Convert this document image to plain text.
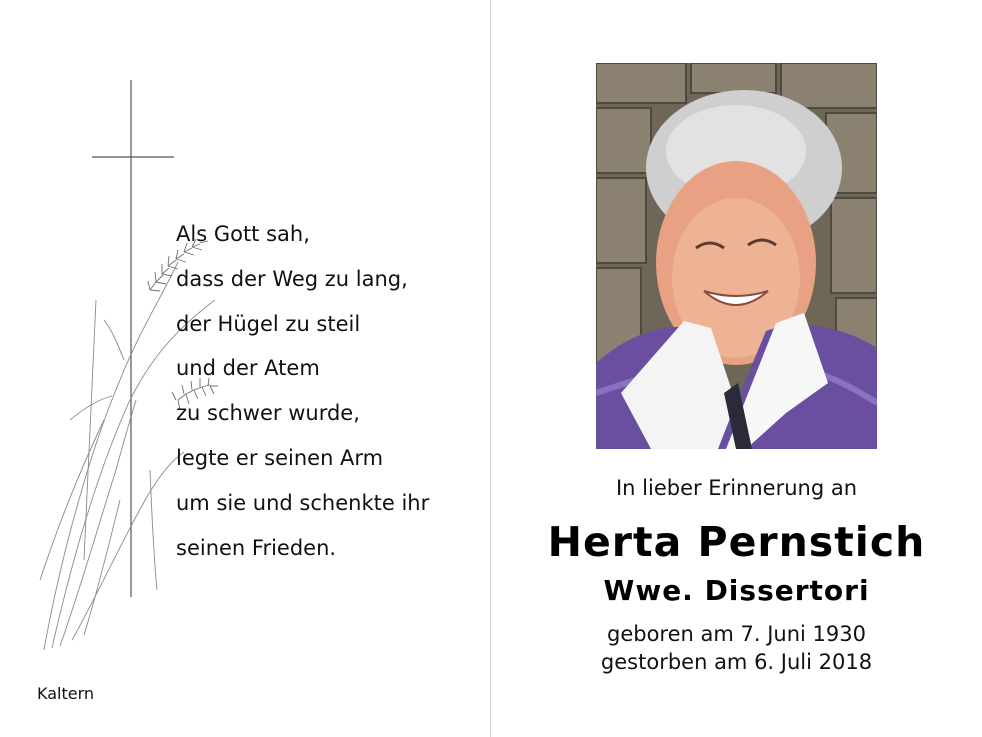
Als Gott sah,
dass der Weg zu lang,
der Hügel zu steil
und der Atem
zu schwer wurde,
legte er seinen Arm
um sie und schenkte ihr
seinen Frieden.
Kaltern
In lieber Erinnerung an
Herta Pernstich
Wwe. Dissertori
geboren am 7. Juni 1930
gestorben am 6. Juli 2018
